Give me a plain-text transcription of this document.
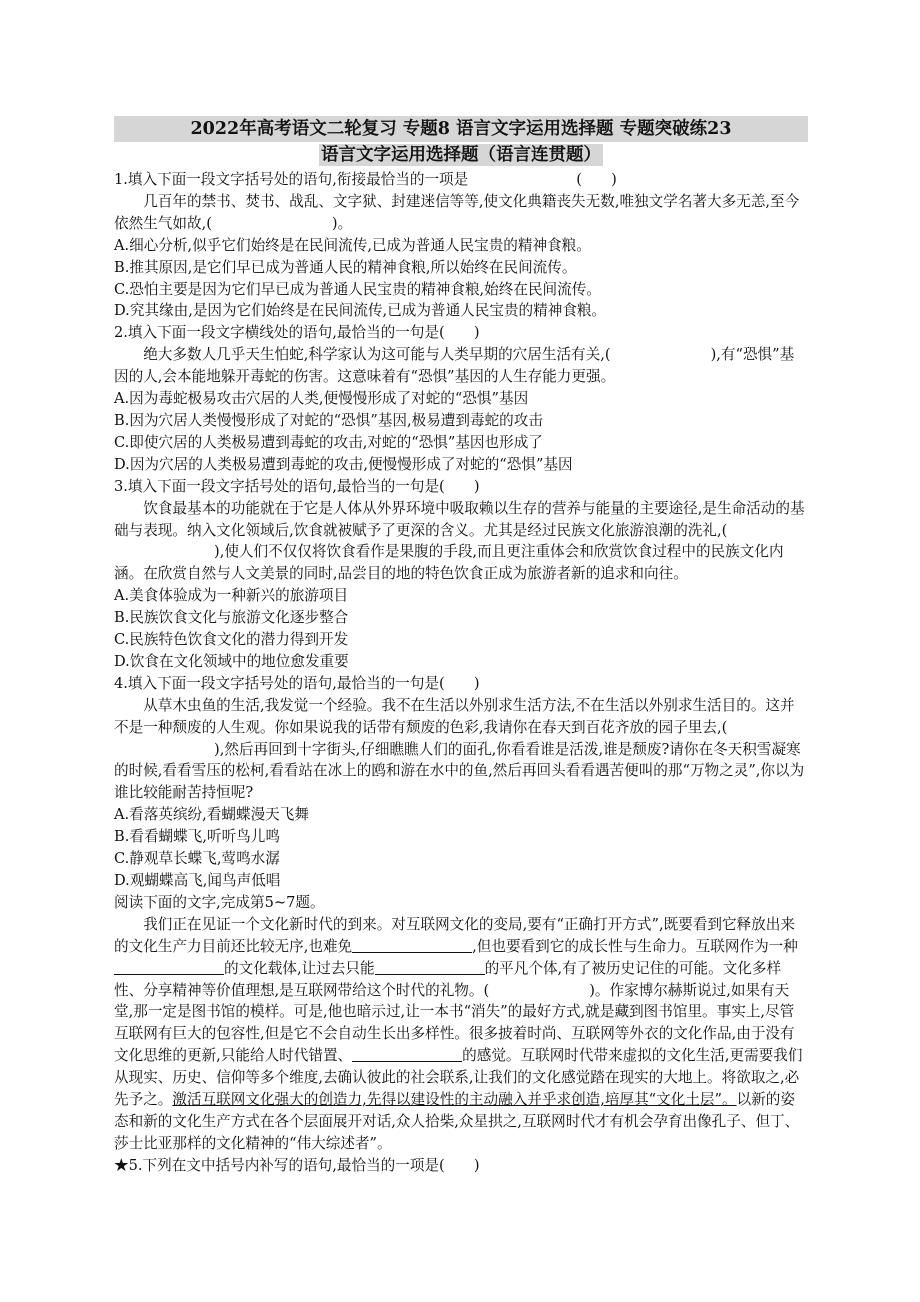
2022年高考语文二轮复习 专题8 语言文字运用选择题 专题突破练23
语言文字运用选择题（语言连贯题）

1.填入下面一段文字括号处的语句,衔接最恰当的一项是	(　　)

几百年的禁书、焚书、战乱、文字狱、封建迷信等等,使文化典籍丧失无数,唯独文学名著大多无恙,至今依然生气如故,(	)。

A.细心分析,似乎它们始终是在民间流传,已成为普通人民宝贵的精神食粮。

B.推其原因,是它们早已成为普通人民的精神食粮,所以始终在民间流传。

C.恐怕主要是因为它们早已成为普通人民宝贵的精神食粮,始终在民间流传。

D.究其缘由,是因为它们始终是在民间流传,已成为普通人民宝贵的精神食粮。

2.填入下面一段文字横线处的语句,最恰当的一句是(　　)

绝大多数人几乎天生怕蛇,科学家认为这可能与人类早期的穴居生活有关,(	),有“恐惧”基因的人,会本能地躲开毒蛇的伤害。这意味着有“恐惧”基因的人生存能力更强。

A.因为毒蛇极易攻击穴居的人类,便慢慢形成了对蛇的“恐惧”基因

B.因为穴居人类慢慢形成了对蛇的“恐惧”基因,极易遭到毒蛇的攻击

C.即使穴居的人类极易遭到毒蛇的攻击,对蛇的“恐惧”基因也形成了

D.因为穴居的人类极易遭到毒蛇的攻击,便慢慢形成了对蛇的“恐惧”基因

3.填入下面一段文字括号处的语句,最恰当的一句是(　　)

饮食最基本的功能就在于它是人体从外界环境中吸取赖以生存的营养与能量的主要途径,是生命活动的基础与表现。纳入文化领域后,饮食就被赋予了更深的含义。尤其是经过民族文化旅游浪潮的洗礼,(),使人们不仅仅将饮食看作是果腹的手段,而且更注重体会和欣赏饮食过程中的民族文化内涵。在欣赏自然与人文美景的同时,品尝目的地的特色饮食正成为旅游者新的追求和向往。

A.美食体验成为一种新兴的旅游项目

B.民族饮食文化与旅游文化逐步整合

C.民族特色饮食文化的潜力得到开发

D.饮食在文化领域中的地位愈发重要

4.填入下面一段文字括号处的语句,最恰当的一句是(　　)

从草木虫鱼的生活,我发觉一个经验。我不在生活以外别求生活方法,不在生活以外别求生活目的。这并不是一种颓废的人生观。你如果说我的话带有颓废的色彩,我请你在春天到百花齐放的园子里去,(),然后再回到十字街头,仔细瞧瞧人们的面孔,你看看谁是活泼,谁是颓废?请你在冬天积雪凝寒的时候,看看雪压的松柯,看看站在冰上的鸥和游在水中的鱼,然后再回头看看遇苦便叫的那“万物之灵”,你以为谁比较能耐苦持恒呢?

A.看落英缤纷,看蝴蝶漫天飞舞

B.看看蝴蝶飞,听听鸟儿鸣

C.静观草长蝶飞,莺鸣水潺

D.观蝴蝶高飞,闻鸟声低唱

阅读下面的文字,完成第5~7题。

我们正在见证一个文化新时代的到来。对互联网文化的变局,要有“正确打开方式”,既要看到它释放出来的文化生产力目前还比较无序,也难免	,但也要看到它的成长性与生命力。互联网作为一种的文化载体,让过去只能	的平凡个体,有了被历史记住的可能。文化多样性、分享精神等价值理想,是互联网带给这个时代的礼物。(	)。作家博尔赫斯说过,如果有天堂,那一定是图书馆的模样。可是,他也暗示过,让一本书“消失”的最好方式,就是藏到图书馆里。事实上,尽管互联网有巨大的包容性,但是它不会自动生长出多样性。很多披着时尚、互联网等外衣的文化作品,由于没有文化思维的更新,只能给人时代错置、	的感觉。互联网时代带来虚拟的文化生活,更需要我们从现实、历史、信仰等多个维度,去确认彼此的社会联系,让我们的文化感觉踏在现实的大地上。将欲取之,必先予之。激活互联网文化强大的创造力,先得以建设性的主动融入并乎求创造,培厚其“文化土层”。以新的姿态和新的文化生产方式在各个层面展开对话,众人拾柴,众星拱之,互联网时代才有机会孕育出像孔子、但丁、莎士比亚那样的文化精神的“伟大综述者”。

★5.下列在文中括号内补写的语句,最恰当的一项是(　　)
